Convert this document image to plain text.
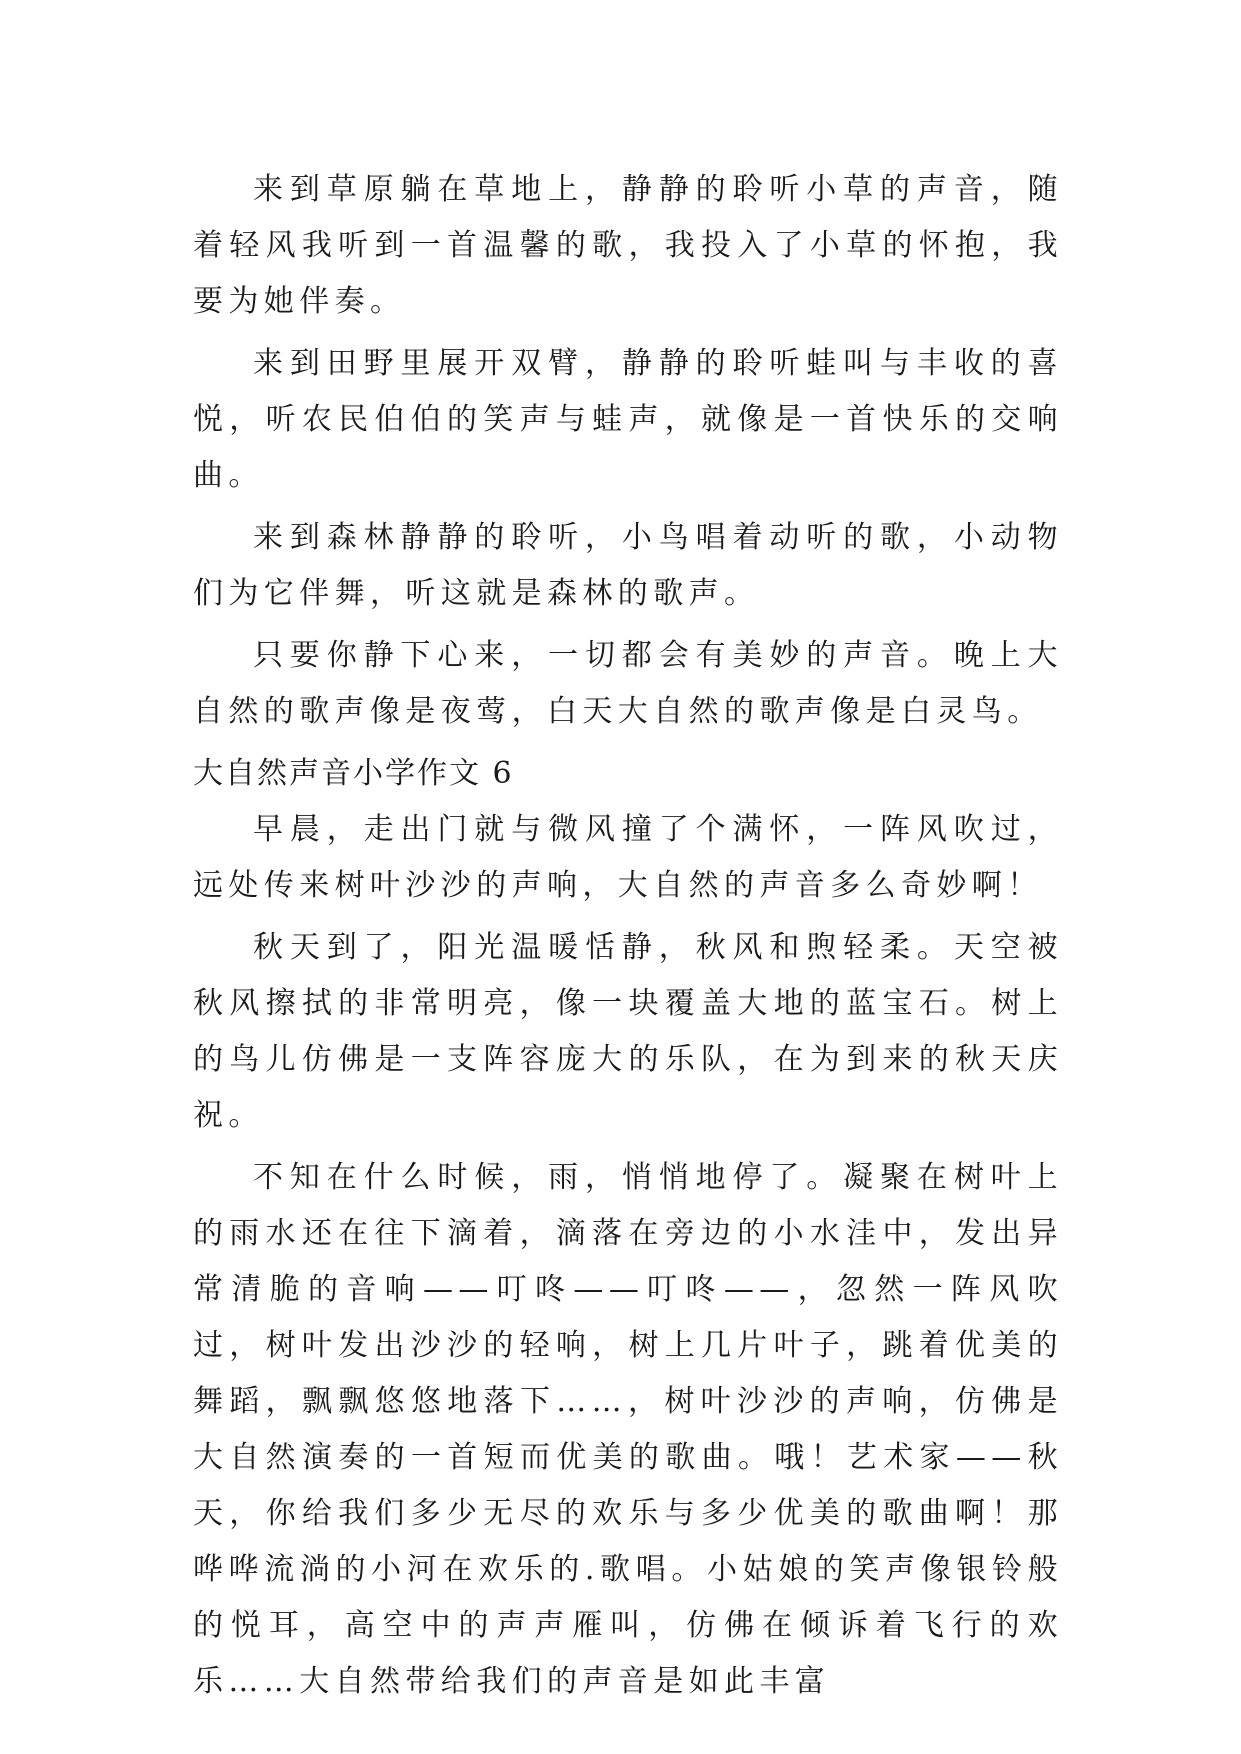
来到草原躺在草地上，静静的聆听小草的声音，随着轻风我听到一首温馨的歌，我投入了小草的怀抱，我要为她伴奏。

来到田野里展开双臂，静静的聆听蛙叫与丰收的喜悦，听农民伯伯的笑声与蛙声，就像是一首快乐的交响曲。

来到森林静静的聆听，小鸟唱着动听的歌，小动物们为它伴舞，听这就是森林的歌声。

只要你静下心来，一切都会有美妙的声音。晚上大自然的歌声像是夜莺，白天大自然的歌声像是白灵鸟。

大自然声音小学作文 6

早晨，走出门就与微风撞了个满怀，一阵风吹过，远处传来树叶沙沙的声响，大自然的声音多么奇妙啊！

秋天到了，阳光温暖恬静，秋风和煦轻柔。天空被秋风擦拭的非常明亮，像一块覆盖大地的蓝宝石。树上的鸟儿仿佛是一支阵容庞大的乐队，在为到来的秋天庆祝。

不知在什么时候，雨，悄悄地停了。凝聚在树叶上的雨水还在往下滴着，滴落在旁边的小水洼中，发出异常清脆的音响——叮咚——叮咚——，忽然一阵风吹过，树叶发出沙沙的轻响，树上几片叶子，跳着优美的舞蹈，飘飘悠悠地落下……，树叶沙沙的声响，仿佛是大自然演奏的一首短而优美的歌曲。哦！艺术家——秋天，你给我们多少无尽的欢乐与多少优美的歌曲啊！那哗哗流淌的小河在欢乐的.歌唱。小姑娘的笑声像银铃般的悦耳，高空中的声声雁叫，仿佛在倾诉着飞行的欢乐……大自然带给我们的声音是如此丰富
